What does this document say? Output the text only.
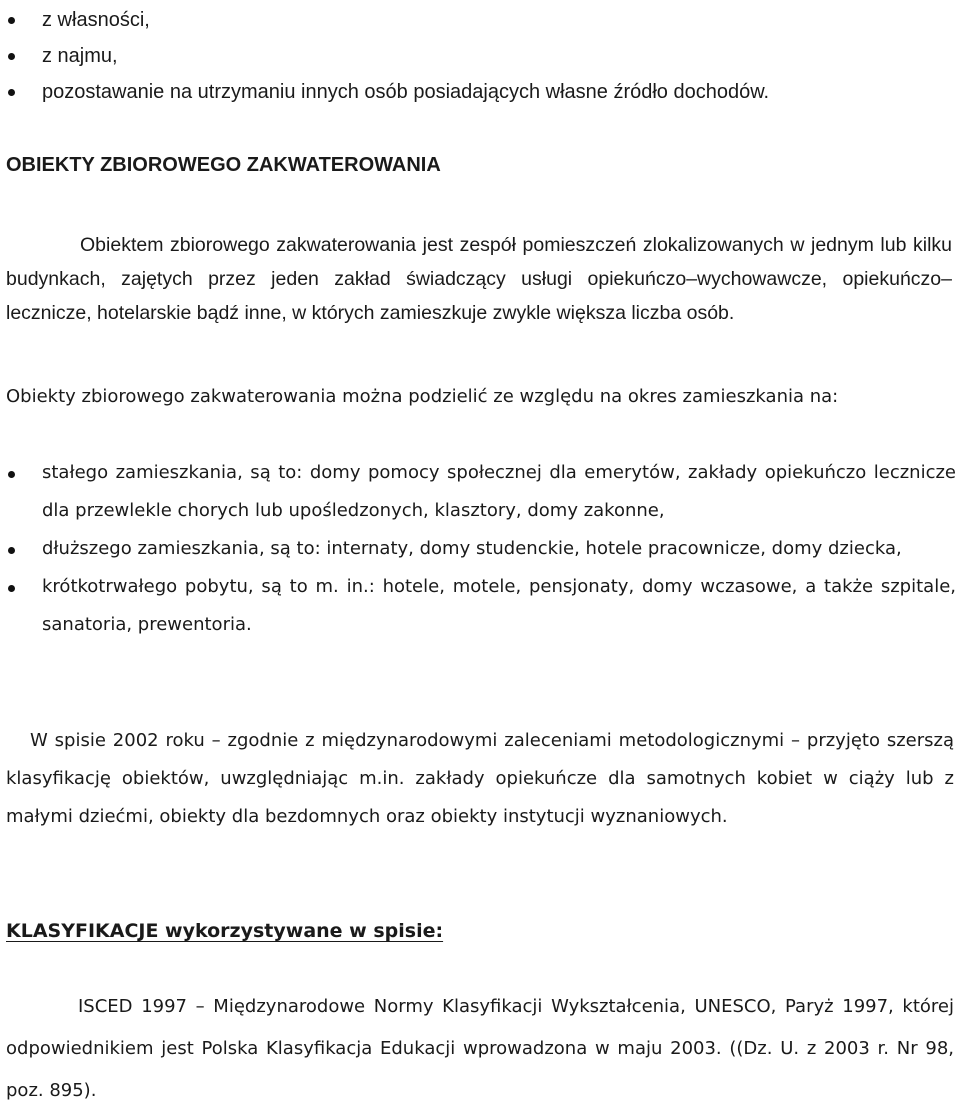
z własności,
z najmu,
pozostawanie na utrzymaniu innych osób posiadających własne źródło dochodów.
OBIEKTY ZBIOROWEGO ZAKWATEROWANIA

Obiektem zbiorowego zakwaterowania jest zespół pomieszczeń zlokalizowanych w jednym lub kilku budynkach, zajętych przez jeden zakład świadczący usługi opiekuńczo–wychowawcze, opiekuńczo–lecznicze, hotelarskie bądź inne, w których zamieszkuje zwykle większa liczba osób.

Obiekty zbiorowego zakwaterowania można podzielić ze względu na okres zamieszkania na:

stałego zamieszkania, są to: domy pomocy społecznej dla emerytów, zakłady opiekuńczo lecznicze dla przewlekle chorych lub upośledzonych, klasztory, domy zakonne,
dłuższego zamieszkania, są to: internaty, domy studenckie, hotele pracownicze, domy dziecka,
krótkotrwałego pobytu, są to m. in.: hotele, motele, pensjonaty, domy wczasowe, a także szpitale, sanatoria, prewentoria.

W spisie 2002 roku – zgodnie z międzynarodowymi zaleceniami metodologicznymi – przyjęto szerszą klasyfikację obiektów, uwzględniając m.in. zakłady opiekuńcze dla samotnych kobiet w ciąży lub z małymi dziećmi, obiekty dla bezdomnych oraz obiekty instytucji wyznaniowych.

KLASYFIKACJE wykorzystywane w spisie:

ISCED 1997 – Międzynarodowe Normy Klasyfikacji Wykształcenia, UNESCO, Paryż 1997, której odpowiednikiem jest Polska Klasyfikacja Edukacji wprowadzona w maju 2003. ((Dz. U. z 2003 r. Nr 98, poz. 895).
